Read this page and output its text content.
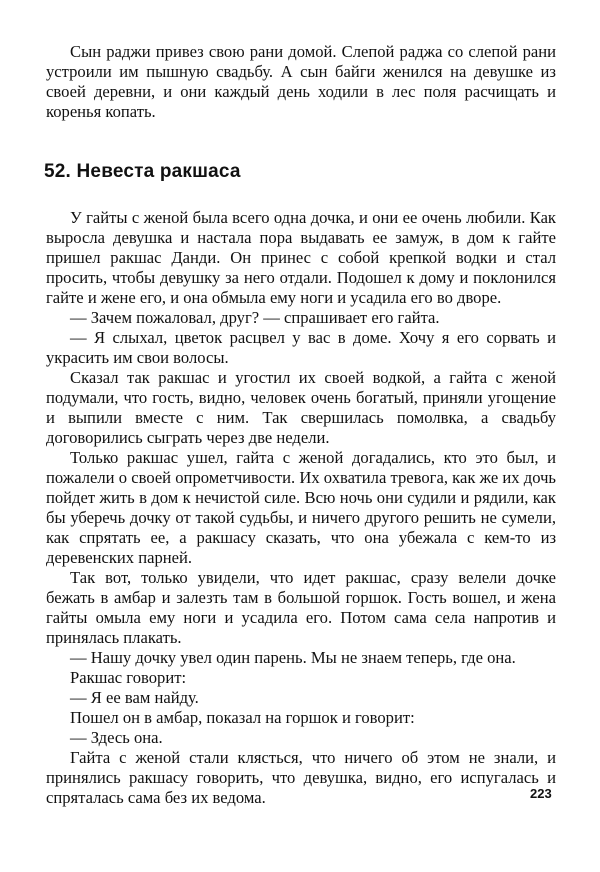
Сын раджи привез свою рани домой. Слепой раджа со слепой рани устроили им пышную свадьбу. А сын байги женился на девушке из своей деревни, и они каждый день ходили в лес поля расчищать и коренья копать.

52. Невеста ракшаса

У гайты с женой была всего одна дочка, и они ее очень любили. Как выросла девушка и настала пора выдавать ее замуж, в дом к гайте пришел ракшас Данди. Он принес с собой крепкой водки и стал просить, чтобы девушку за него отдали. Подошел к дому и поклонился гайте и жене его, и она обмыла ему ноги и усадила его во дворе.

— Зачем пожаловал, друг? — спрашивает его гайта.

— Я слыхал, цветок расцвел у вас в доме. Хочу я его сорвать и украсить им свои волосы.

Сказал так ракшас и угостил их своей водкой, а гайта с женой подумали, что гость, видно, человек очень богатый, приняли угощение и выпили вместе с ним. Так свершилась помолвка, а свадьбу договорились сыграть через две недели.

Только ракшас ушел, гайта с женой догадались, кто это был, и пожалели о своей опрометчивости. Их охватила тревога, как же их дочь пойдет жить в дом к нечистой силе. Всю ночь они судили и рядили, как бы уберечь дочку от такой судьбы, и ничего другого решить не сумели, как спрятать ее, а ракшасу сказать, что она убежала с кем-то из деревенских парней.

Так вот, только увидели, что идет ракшас, сразу велели дочке бежать в амбар и залезть там в большой горшок. Гость вошел, и жена гайты омыла ему ноги и усадила его. Потом сама села напротив и принялась плакать.

— Нашу дочку увел один парень. Мы не знаем теперь, где она.

Ракшас говорит:

— Я ее вам найду.

Пошел он в амбар, показал на горшок и говорит:

— Здесь она.

Гайта с женой стали клясться, что ничего об этом не знали, и принялись ракшасу говорить, что девушка, видно, его испугалась и спряталась сама без их ведома.	223
